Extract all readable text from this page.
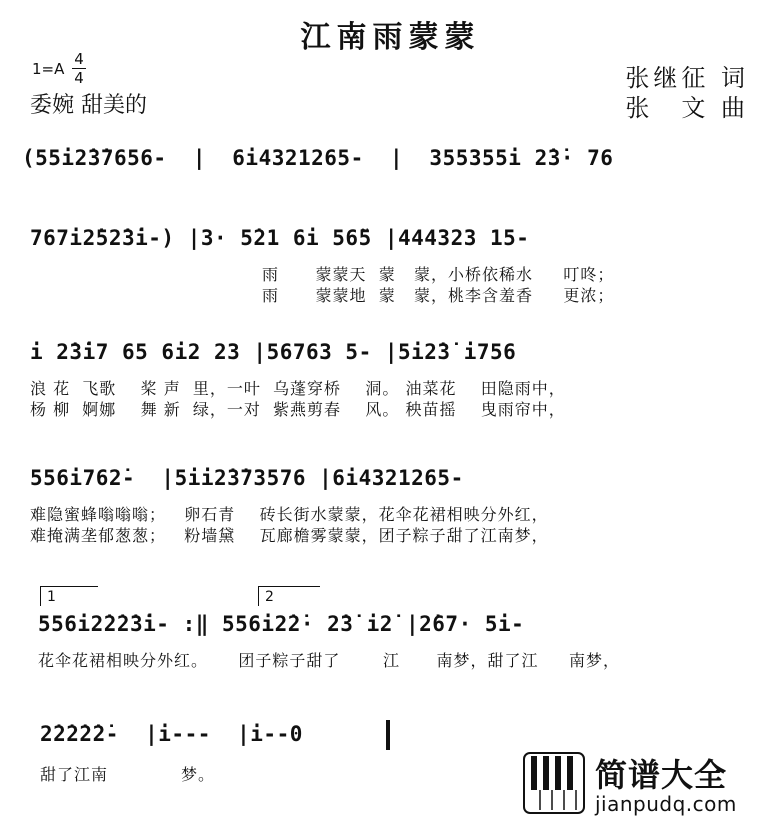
江南雨蒙蒙
1=A
4
4
委婉 甜美的
张继征 词
张　文 曲
(55i2̇3̇7656-  |  6i4321265-  |  355355i 2̇3̇· 76
767i2̇52̇3̇i-) |3· 5̇21 6i 56̃5 |444323 15-
雨      蒙蒙天  蒙   蒙，小桥依稀水     叮咚；
雨      蒙蒙地  蒙   蒙，桃李含羞香     更浓；
i 2̇3̇i7 65 6i2 23 |56763 5- |5i2̇3̇ i756
浪 花  飞歌    桨 声  里，一叶  乌蓬穿桥    洞。 油菜花    田隐雨中，
杨 柳  婀娜    舞 新  绿，一对  紫燕剪春    风。 秧苗摇    曳雨帘中，
556i762̇-  |5ii2̇3̇73576 |6i4321265-
难隐蜜蜂嗡嗡嗡；   卵石青    砖长街水蒙蒙，花伞花裙相映分外红，
难掩满垄郁葱葱；   粉墙黛    瓦廊檐雾蒙蒙，团子粽子甜了江南梦，
1	2
556i2̇2̇2̇3̇i- :‖ 556i2̇2̇· 2̇3̇ i2̇ |2̇67· 5i-
花伞花裙相映分外红。     团子粽子甜了       江      南梦，甜了江     南梦，
2̇2̇2̇2̇2̇-  |i---  |i--0
甜了江南            梦。	简谱大全
jianpudq.com
